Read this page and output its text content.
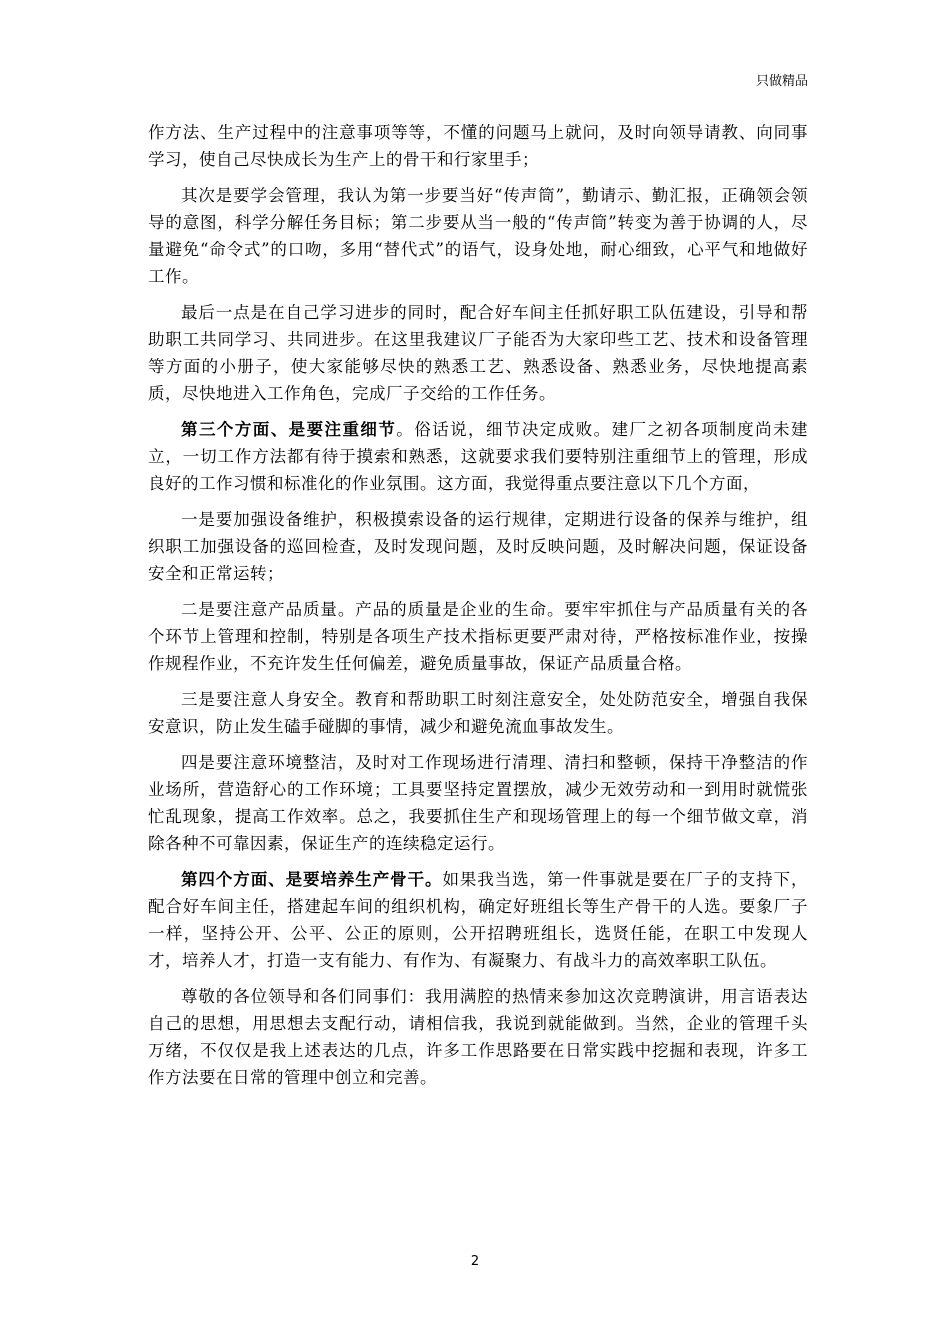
只做精品

作方法、生产过程中的注意事项等等，不懂的问题马上就问，及时向领导请教、向同事学习，使自己尽快成长为生产上的骨干和行家里手；

其次是要学会管理，我认为第一步要当好“传声筒”，勤请示、勤汇报，正确领会领导的意图，科学分解任务目标；第二步要从当一般的“传声筒”转变为善于协调的人，尽量避免“命令式”的口吻，多用“替代式”的语气，设身处地，耐心细致，心平气和地做好工作。

最后一点是在自己学习进步的同时，配合好车间主任抓好职工队伍建设，引导和帮助职工共同学习、共同进步。在这里我建议厂子能否为大家印些工艺、技术和设备管理等方面的小册子，使大家能够尽快的熟悉工艺、熟悉设备、熟悉业务，尽快地提高素质，尽快地进入工作角色，完成厂子交给的工作任务。

第三个方面、是要注重细节。俗话说，细节决定成败。建厂之初各项制度尚未建立，一切工作方法都有待于摸索和熟悉，这就要求我们要特别注重细节上的管理，形成良好的工作习惯和标准化的作业氛围。这方面，我觉得重点要注意以下几个方面，

一是要加强设备维护，积极摸索设备的运行规律，定期进行设备的保养与维护，组织职工加强设备的巡回检查，及时发现问题，及时反映问题，及时解决问题，保证设备安全和正常运转；

二是要注意产品质量。产品的质量是企业的生命。要牢牢抓住与产品质量有关的各个环节上管理和控制，特别是各项生产技术指标更要严肃对待，严格按标准作业，按操作规程作业，不充许发生任何偏差，避免质量事故，保证产品质量合格。

三是要注意人身安全。教育和帮助职工时刻注意安全，处处防范安全，增强自我保安意识，防止发生磕手碰脚的事情，减少和避免流血事故发生。

四是要注意环境整洁，及时对工作现场进行清理、清扫和整顿，保持干净整洁的作业场所，营造舒心的工作环境；工具要坚持定置摆放，减少无效劳动和一到用时就慌张忙乱现象，提高工作效率。总之，我要抓住生产和现场管理上的每一个细节做文章，消除各种不可靠因素，保证生产的连续稳定运行。

第四个方面、是要培养生产骨干。如果我当选，第一件事就是要在厂子的支持下，配合好车间主任，搭建起车间的组织机构，确定好班组长等生产骨干的人选。要象厂子一样，坚持公开、公平、公正的原则，公开招聘班组长，选贤任能，在职工中发现人才，培养人才，打造一支有能力、有作为、有凝聚力、有战斗力的高效率职工队伍。

尊敬的各位领导和各们同事们：我用满腔的热情来参加这次竞聘演讲，用言语表达自己的思想，用思想去支配行动，请相信我，我说到就能做到。当然，企业的管理千头万绪，不仅仅是我上述表达的几点，许多工作思路要在日常实践中挖掘和表现，许多工作方法要在日常的管理中创立和完善。

2
